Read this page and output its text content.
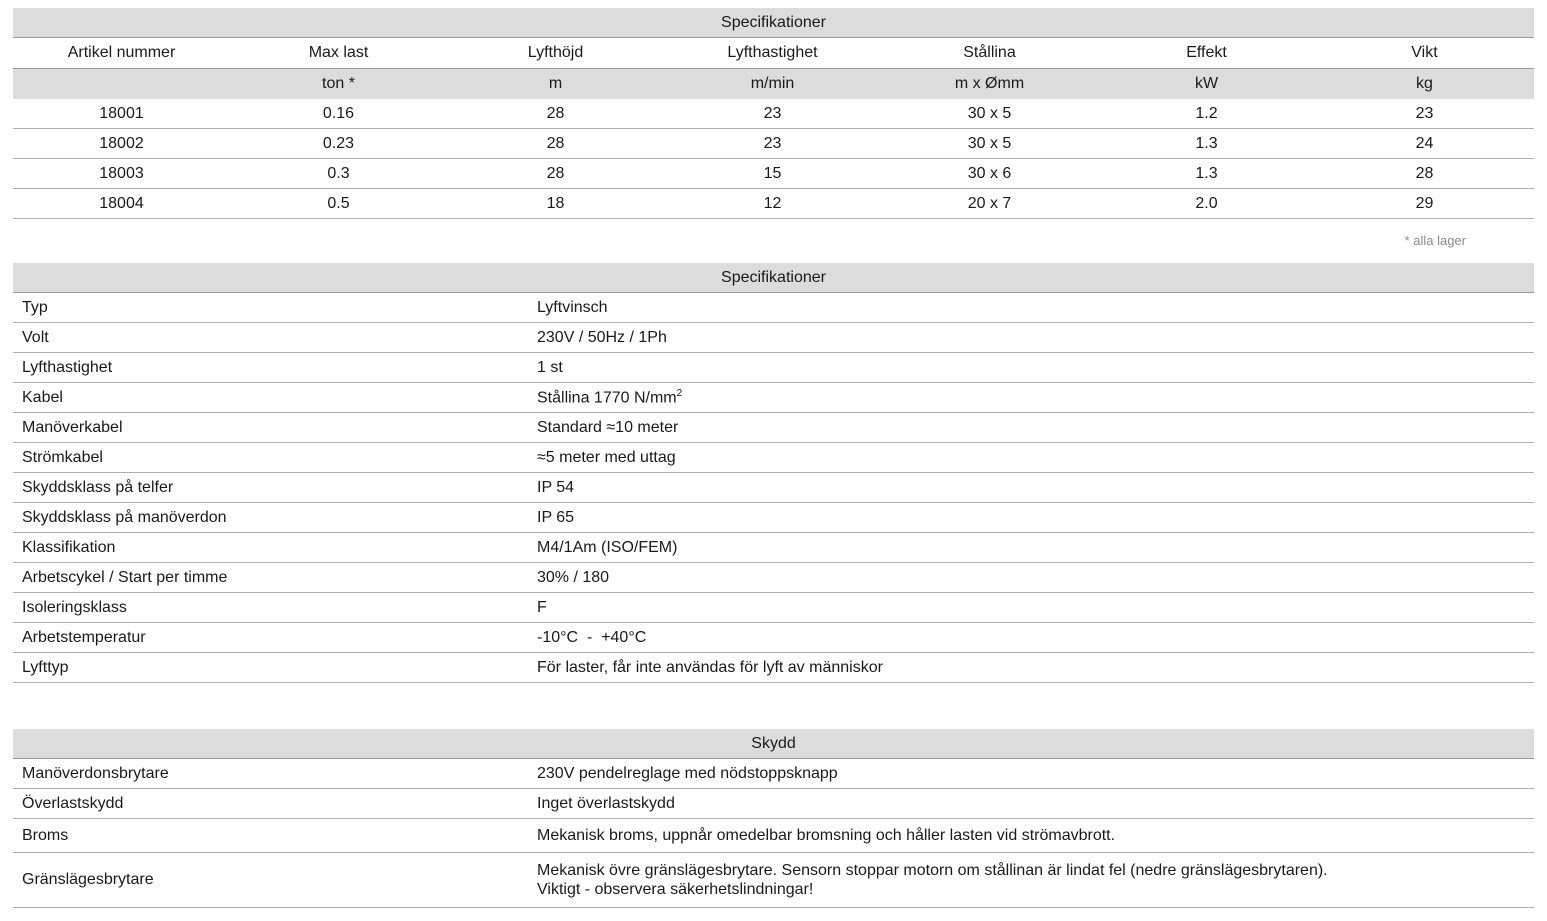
Specifikationer						
Artikel nummer	Max last	Lyfthöjd	Lyfthastighet	Stållina	Effekt	Vikt
	ton *	m	m/min	m x Ømm	kW	kg
18001	0.16	28	23	30 x 5	1.2	23
18002	0.23	28	23	30 x 5	1.3	24
18003	0.3	28	15	30 x 6	1.3	28
18004	0.5	18	12	20 x 7	2.0	29
* alla lager
Specifikationer	
Typ	Lyftvinsch
Volt	230V / 50Hz / 1Ph
Lyfthastighet	1 st
Kabel	Stållina 1770 $N/mm^2$
Manöverkabel	Standard ≈10 meter
Strömkabel	≈5 meter med uttag
Skyddsklass på telfer	IP 54
Skyddsklass på manöverdon	IP 65
Klassifikation	M4/1Am (ISO/FEM)
Arbetscykel / Start per timme	30% / 180
Isoleringsklass	F
Arbetstemperatur	-10°C  -  +40°C
Lyfttyp	För laster, får inte användas för lyft av människor
Skydd	
Manöverdonsbrytare	230V pendelreglage med nödstoppsknapp
Överlastskydd	Inget överlastskydd
Broms	Mekanisk broms, uppnår omedelbar bromsning och håller lasten vid strömavbrott.
Gränslägesbrytare	Mekanisk övre gränslägesbrytare. Sensorn stoppar motorn om stållinan är lindat fel (nedre gränslägesbrytaren).
Viktigt - observera säkerhetslindningar!
